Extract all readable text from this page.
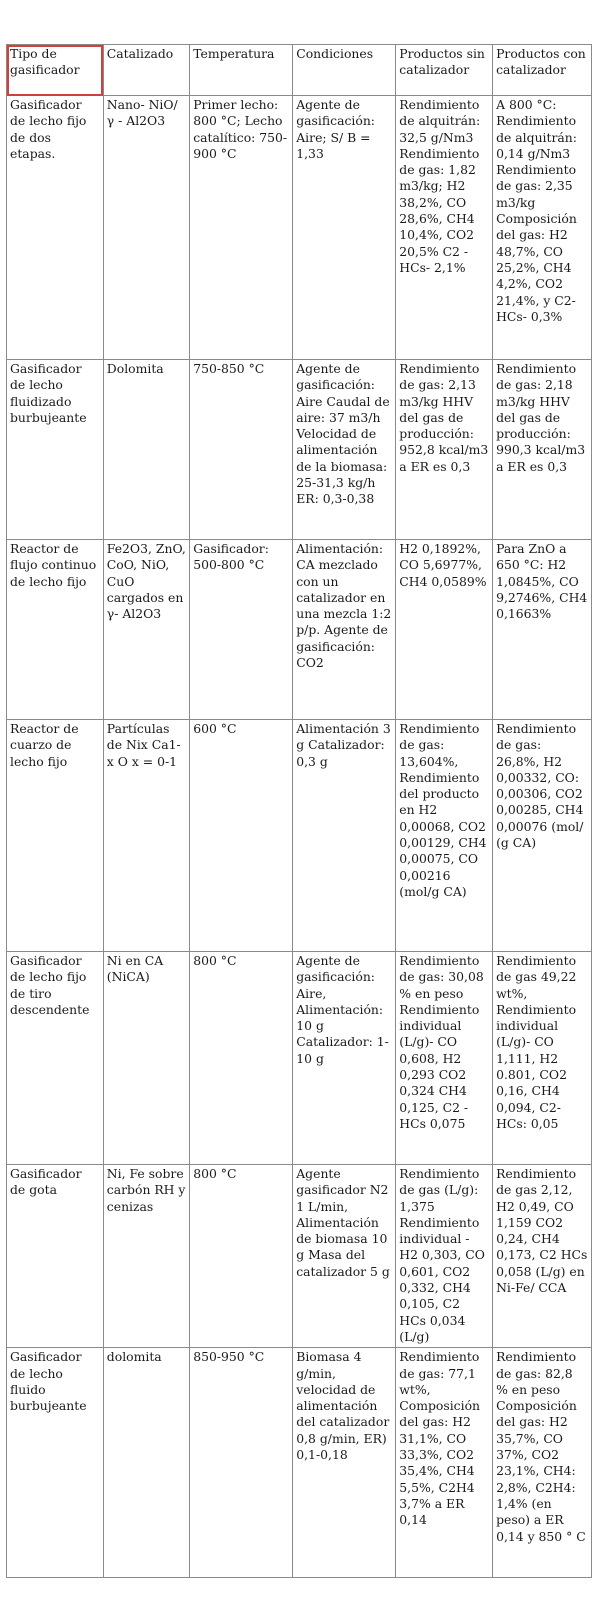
Tipo de gasificador	Catalizado	Temperatura	Condiciones	Productos sin catalizador	Productos con catalizador
Gasificador de lecho fijo de dos etapas.	Nano- NiO/ γ - Al2O3	Primer lecho: 800 °C; Lecho catalítico: 750-900 °C	Agente de gasificación: Aire; S/ B = 1,33	Rendimiento de alquitrán: 32,5 g/Nm3 Rendimiento de gas: 1,82 m3/kg; H2 38,2%, CO 28,6%, CH4 10,4%, CO2 20,5% C2 - HCs- 2,1%	A 800 °C: Rendimiento de alquitrán: 0,14 g/Nm3 Rendimiento de gas: 2,35 m3/kg Composición del gas: H2 48,7%, CO 25,2%, CH4 4,2%, CO2 21,4%, y C2- HCs- 0,3%
Gasificador de lecho fluidizado burbujeante	Dolomita	750-850 °C	Agente de gasificación: Aire Caudal de aire: 37 m3/h Velocidad de alimentación de la biomasa: 25-31,3 kg/h ER: 0,3-0,38	Rendimiento de gas: 2,13 m3/kg HHV del gas de producción: 952,8 kcal/m3 a ER es 0,3	Rendimiento de gas: 2,18 m3/kg HHV del gas de producción: 990,3 kcal/m3 a ER es 0,3
Reactor de flujo continuo de lecho fijo	Fe2O3, ZnO, CoO, NiO, CuO cargados en γ- Al2O3	Gasificador: 500-800 °C	Alimentación: CA mezclado con un catalizador en una mezcla 1:2 p/p. Agente de gasificación: CO2	H2 0,1892%, CO 5,6977%, CH4 0,0589%	Para ZnO a 650 °C: H2 1,0845%, CO 9,2746%, CH4 0,1663%
Reactor de cuarzo de lecho fijo	Partículas de Nix Ca1-x O x = 0-1	600 °C	Alimentación 3 g Catalizador: 0,3 g	Rendimiento de gas: 13,604%, Rendimiento del producto en H2 0,00068, CO2 0,00129, CH4 0,00075, CO 0,00216 (mol/g CA)	Rendimiento de gas: 26,8%, H2 0,00332, CO: 0,00306, CO2 0,00285, CH4 0,00076 (mol/ (g CA)
Gasificador de lecho fijo de tiro descendente	Ni en CA (NiCA)	800 °C	Agente de gasificación: Aire, Alimentación: 10 g Catalizador: 1-10 g	Rendimiento de gas: 30,08 % en peso Rendimiento individual (L/g)- CO 0,608, H2 0,293 CO2 0,324 CH4 0,125, C2 - HCs 0,075	Rendimiento de gas 49,22 wt%, Rendimiento individual (L/g)- CO 1,111, H2 0.801, CO2 0,16, CH4 0,094, C2- HCs: 0,05
Gasificador de gota	Ni, Fe sobre carbón RH y cenizas	800 °C	Agente gasificador N2 1 L/min, Alimentación de biomasa 10 g Masa del catalizador 5 g	Rendimiento de gas (L/g): 1,375 Rendimiento individual - H2 0,303, CO 0,601, CO2 0,332, CH4 0,105, C2 HCs 0,034 (L/g)	Rendimiento de gas 2,12, H2 0,49, CO 1,159 CO2 0,24, CH4 0,173, C2 HCs 0,058 (L/g) en Ni-Fe/ CCA
Gasificador de lecho fluido burbujeante	dolomita	850-950 °C	Biomasa 4 g/min, velocidad de alimentación del catalizador 0,8 g/min, ER) 0,1-0,18	Rendimiento de gas: 77,1 wt%, Composición del gas: H2 31,1%, CO 33,3%, CO2 35,4%, CH4 5,5%, C2H4 3,7% a ER 0,14	Rendimiento de gas: 82,8 % en peso Composición del gas: H2 35,7%, CO 37%, CO2 23,1%, CH4: 2,8%, C2H4: 1,4% (en peso) a ER 0,14 y 850 ° C
